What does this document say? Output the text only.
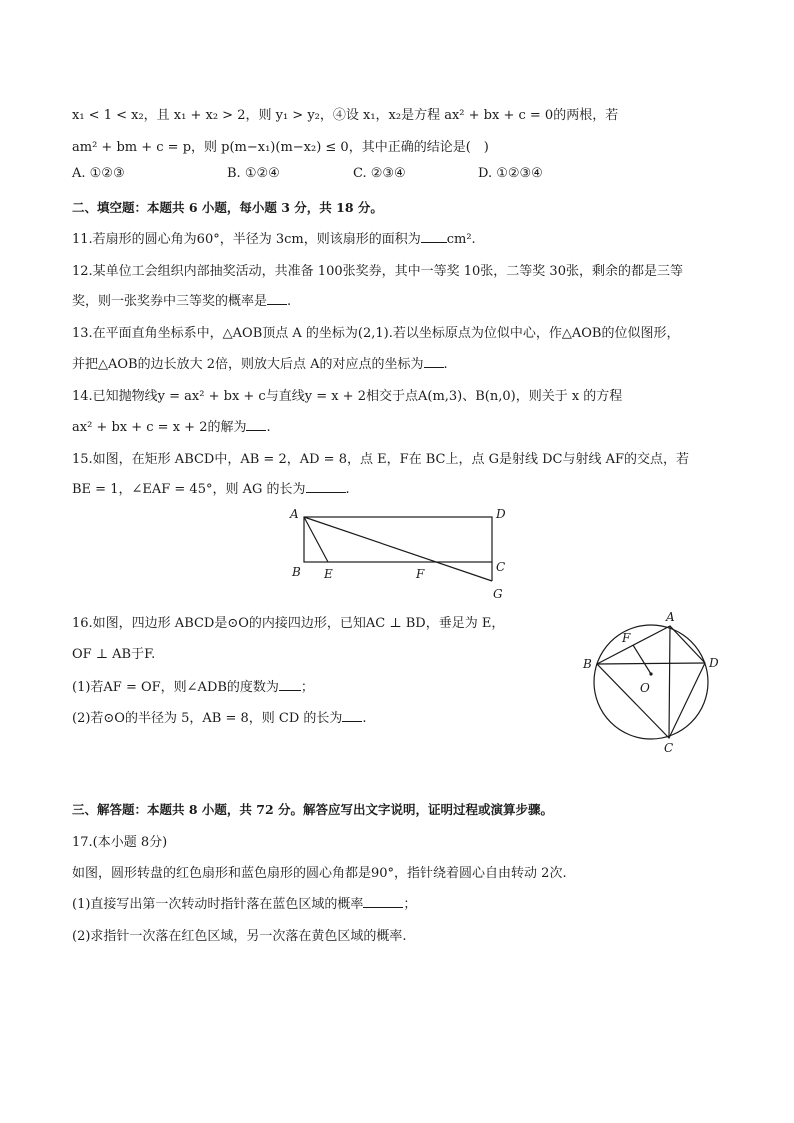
x₁ < 1 < x₂，且 x₁ + x₂ > 2，则 y₁ > y₂，④设 x₁，x₂是方程 ax² + bx + c = 0的两根，若
am² + bm + c = p，则 p(m−x₁)(m−x₂) ≤ 0，其中正确的结论是(　)
A. ①②③	B. ①②④	C. ②③④	D. ①②③④
二、填空题：本题共 6 小题，每小题 3 分，共 18 分。
11.若扇形的圆心角为60°，半径为 3cm，则该扇形的面积为 cm².
12.某单位工会组织内部抽奖活动，共准备 100张奖券，其中一等奖 10张，二等奖 30张，剩余的都是三等
奖，则一张奖券中三等奖的概率是 .
13.在平面直角坐标系中，△AOB顶点 A 的坐标为(2,1).若以坐标原点为位似中心，作△AOB的位似图形，
并把△AOB的边长放大 2倍，则放大后点 A的对应点的坐标为 .
14.已知抛物线y = ax² + bx + c与直线y = x + 2相交于点A(m,3)、B(n,0)，则关于 x 的方程
ax² + bx + c = x + 2的解为 .
15.如图，在矩形 ABCD中，AB = 2，AD = 8，点 E，F在 BC上，点 G是射线 DC与射线 AF的交点，若
BE = 1，∠EAF = 45°，则 AG 的长为	.
A	D
B E	F	C
G
16.如图，四边形 ABCD是⊙O的内接四边形，已知AC ⊥ BD，垂足为 E，
OF ⊥ AB于F.
(1)若AF = OF，则∠ADB的度数为 ；
(2)若⊙O的半径为 5，AB = 8，则 CD 的长为 .
A
B
C
D
F
O
三、解答题：本题共 8 小题，共 72 分。解答应写出文字说明，证明过程或演算步骤。
17.(本小题 8分)
如图，圆形转盘的红色扇形和蓝色扇形的圆心角都是90°，指针绕着圆心自由转动 2次.
(1)直接写出第一次转动时指针落在蓝色区域的概率	；
(2)求指针一次落在红色区域，另一次落在黄色区域的概率.
